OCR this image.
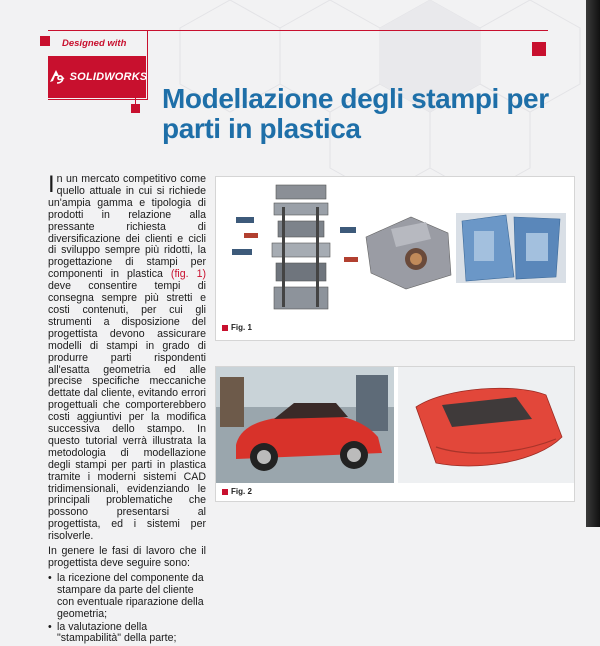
Designed with
SOLIDWORKS
Modellazione degli stampi per parti in plastica

In un mercato competitivo come quello attuale in cui si richiede un'ampia gamma e tipologia di prodotti in relazione alla pressante richiesta di diversificazione dei clienti e cicli di sviluppo sempre più ridotti, la progettazione di stampi per componenti in plastica (fig. 1) deve consentire tempi di consegna sempre più stretti e costi contenuti, per cui gli strumenti a disposizione del progettista devono assicurare modelli di stampi in grado di produrre parti rispondenti all'esatta geometria ed alle precise specifiche meccaniche dettate dal cliente, evitando errori progettuali che comporterebbero costi aggiuntivi per la modifica successiva dello stampo. In questo tutorial verrà illustrata la metodologia di modellazione degli stampi per parti in plastica tramite i moderni sistemi CAD tridimensionali, evidenziando le principali problematiche che possono presentarsi al progettista, ed i sistemi per risolverle.

In genere le fasi di lavoro che il progettista deve seguire sono:

• la ricezione del componente da stampare da parte del cliente con eventuale riparazione della geometria;
• la valutazione della "stampabilità" della parte;
Fig. 1
Fig. 2
